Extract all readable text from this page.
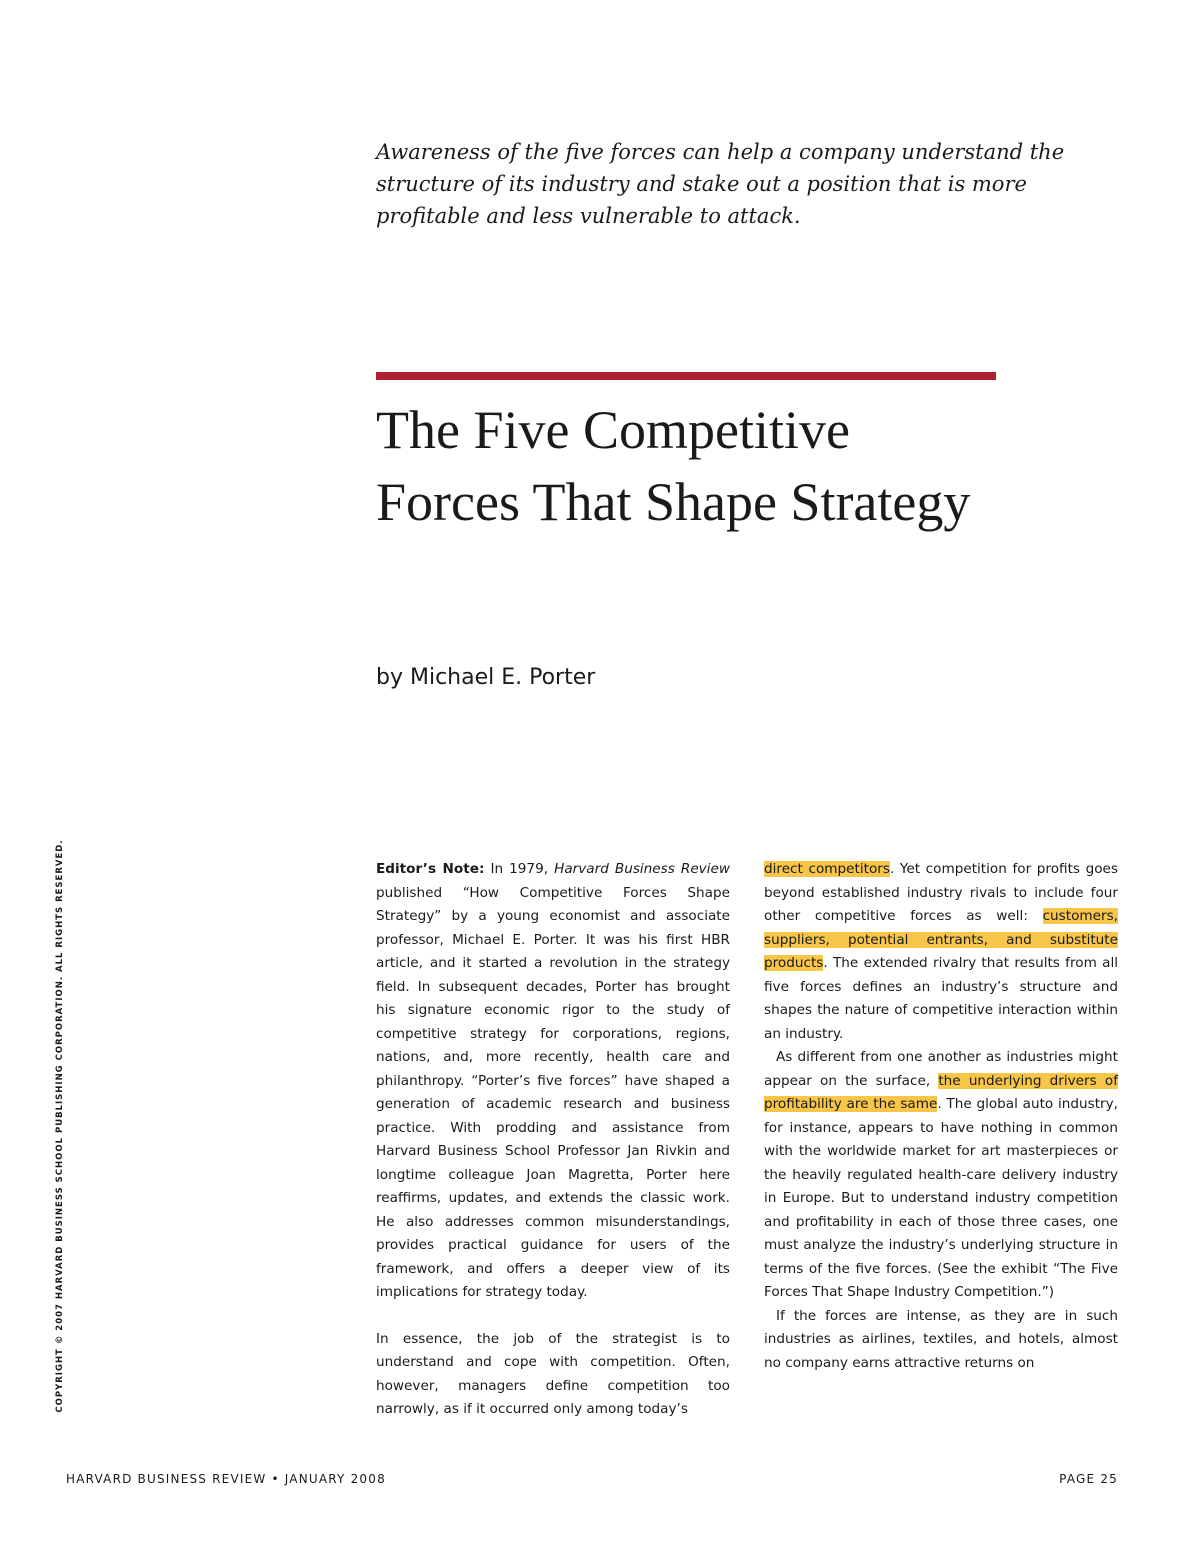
Awareness of the five forces can help a company understand the structure of its industry and stake out a position that is more profitable and less vulnerable to attack.

The Five Competitive Forces That Shape Strategy

by Michael E. Porter

Editor’s Note: In 1979, Harvard Business Review published “How Competitive Forces Shape Strategy” by a young economist and associate professor, Michael E. Porter. It was his first HBR article, and it started a revolution in the strategy field. In subsequent decades, Porter has brought his signature economic rigor to the study of competitive strategy for corporations, regions, nations, and, more recently, health care and philanthropy. “Porter’s five forces” have shaped a generation of academic research and business practice. With prodding and assistance from Harvard Business School Professor Jan Rivkin and longtime colleague Joan Magretta, Porter here reaffirms, updates, and extends the classic work. He also addresses common misunderstandings, provides practical guidance for users of the framework, and offers a deeper view of its implications for strategy today.

In essence, the job of the strategist is to understand and cope with competition. Often, however, managers define competition too narrowly, as if it occurred only among today’s

direct competitors. Yet competition for profits goes beyond established industry rivals to include four other competitive forces as well: customers, suppliers, potential entrants, and substitute products. The extended rivalry that results from all five forces defines an industry’s structure and shapes the nature of competitive interaction within an industry.

As different from one another as industries might appear on the surface, the underlying drivers of profitability are the same. The global auto industry, for instance, appears to have nothing in common with the worldwide market for art masterpieces or the heavily regulated health-care delivery industry in Europe. But to understand industry competition and profitability in each of those three cases, one must analyze the industry’s underlying structure in terms of the five forces. (See the exhibit “The Five Forces That Shape Industry Competition.”)

If the forces are intense, as they are in such industries as airlines, textiles, and hotels, almost no company earns attractive returns on

COPYRIGHT © 2007 HARVARD BUSINESS SCHOOL PUBLISHING CORPORATION. ALL RIGHTS RESERVED.

HARVARD BUSINESS REVIEW • JANUARY 2008	PAGE 25
